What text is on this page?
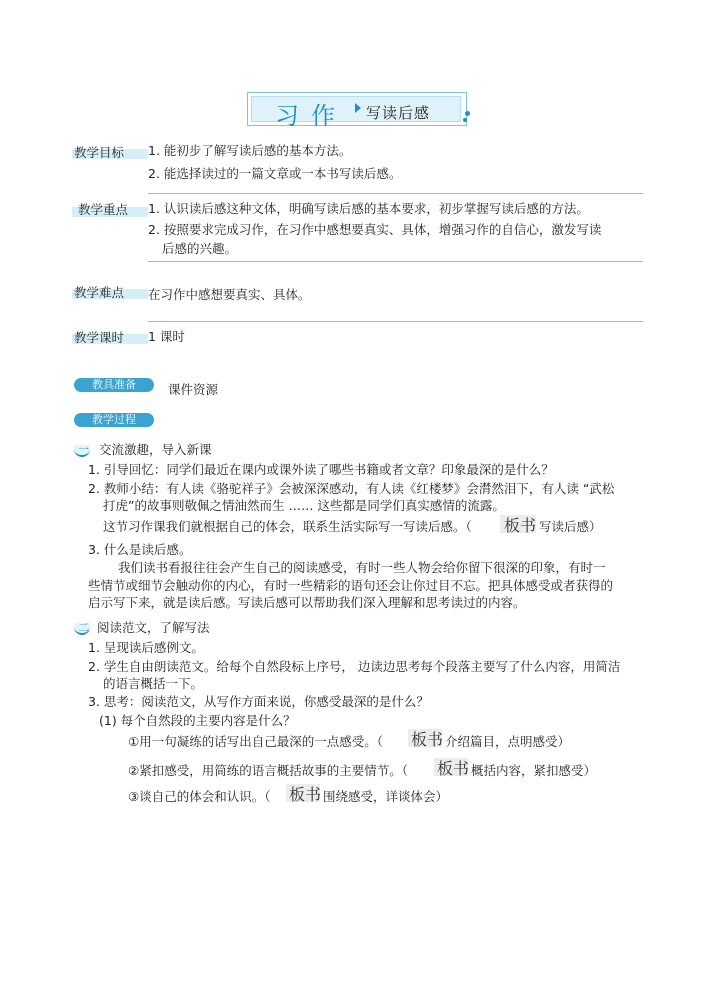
习作 写读后感
教学目标 1. 能初步了解写读后感的基本方法。
2. 能选择读过的一篇文章或一本书写读后感。
教学重点 1. 认识读后感这种文体，明确写读后感的基本要求，初步掌握写读后感的方法。
2. 按照要求完成习作，在习作中感想要真实、具体，增强习作的自信心，激发写读
后感的兴趣。
教学难点 在习作中感想要真实、具体。
教学课时 1 课时
教具准备	课件资源
教学过程
一 交流激趣，导入新课
1. 引导回忆：同学们最近在课内或课外读了哪些书籍或者文章？印象最深的是什么？
2. 教师小结：有人读《骆驼祥子》会被深深感动，有人读《红楼梦》会潸然泪下，有人读 “武松
打虎”的故事则敬佩之情油然而生 …… 这些都是同学们真实感情的流露。
这节习作课我们就根据自己的体会，联系生活实际写一写读后感。（ 板书 写读后感）
3. 什么是读后感。
我们读书看报往往会产生自己的阅读感受，有时一些人物会给你留下很深的印象，有时一
些情节或细节会触动你的内心，有时一些精彩的语句还会让你过目不忘。把具体感受或者获得的
启示写下来，就是读后感。写读后感可以帮助我们深入理解和思考读过的内容。
二 阅读范文，了解写法
1. 呈现读后感例文。
2. 学生自由朗读范文。给每个自然段标上序号， 边读边思考每个段落主要写了什么内容，用简洁
的语言概括一下。
3. 思考：阅读范文，从写作方面来说，你感受最深的是什么？
(1) 每个自然段的主要内容是什么？
①用一句凝练的话写出自己最深的一点感受。（ 板书 介绍篇目，点明感受）
②紧扣感受，用简练的语言概括故事的主要情节。（ 板书 概括内容，紧扣感受）
③谈自己的体会和认识。（ 板书 围绕感受，详谈体会）
